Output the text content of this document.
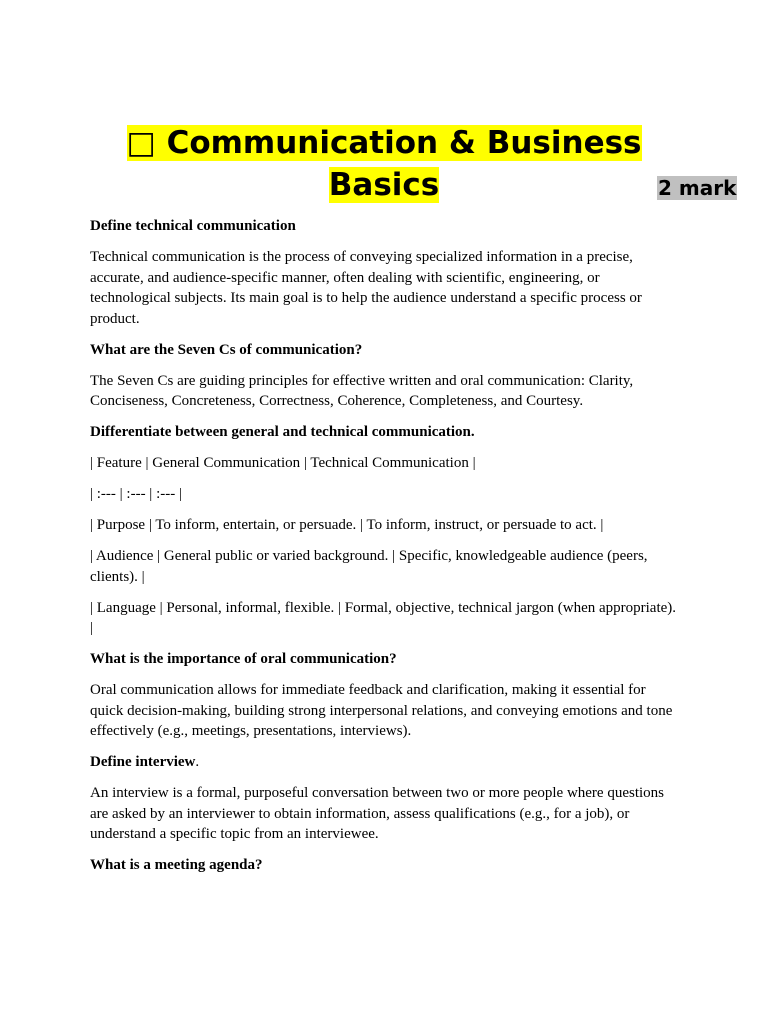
□ Communication & Business Basics	2 mark

Define technical communication

Technical communication is the process of conveying specialized information in a precise, accurate, and audience-specific manner, often dealing with scientific, engineering, or technological subjects. Its main goal is to help the audience understand a specific process or product.

What are the Seven Cs of communication?

The Seven Cs are guiding principles for effective written and oral communication: Clarity, Conciseness, Concreteness, Correctness, Coherence, Completeness, and Courtesy.

Differentiate between general and technical communication.

| Feature | General Communication | Technical Communication |

| :--- | :--- | :--- |

| Purpose | To inform, entertain, or persuade. | To inform, instruct, or persuade to act. |

| Audience | General public or varied background. | Specific, knowledgeable audience (peers, clients). |

| Language | Personal, informal, flexible. | Formal, objective, technical jargon (when appropriate). |

What is the importance of oral communication?

Oral communication allows for immediate feedback and clarification, making it essential for quick decision-making, building strong interpersonal relations, and conveying emotions and tone effectively (e.g., meetings, presentations, interviews).

Define interview.

An interview is a formal, purposeful conversation between two or more people where questions are asked by an interviewer to obtain information, assess qualifications (e.g., for a job), or understand a specific topic from an interviewee.

What is a meeting agenda?
